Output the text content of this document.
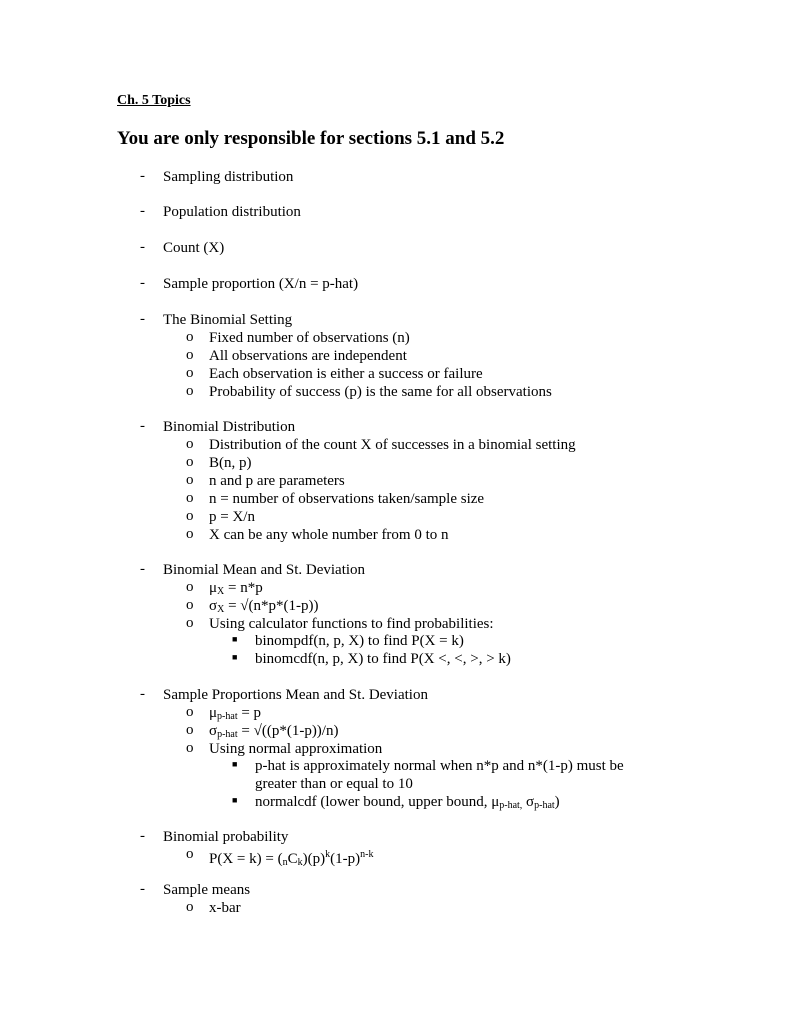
Ch. 5 Topics
You are only responsible for sections 5.1 and 5.2
- Sampling distribution
- Population distribution
- Count (X)
- Sample proportion (X/n = p-hat)
- The Binomial Setting
o Fixed number of observations (n)
o All observations are independent
o Each observation is either a success or failure
o Probability of success (p) is the same for all observations
- Binomial Distribution
o Distribution of the count X of successes in a binomial setting
o B(n, p)
o n and p are parameters
o n = number of observations taken/sample size
o p = X/n
o X can be any whole number from 0 to n
- Binomial Mean and St. Deviation
o $\mu_X = n*p$
o $\sigma_X = √(n*p*(1-p))$
o Using calculator functions to find probabilities:
■ binompdf(n, p, X) to find P(X = k)
■ binomcdf(n, p, X) to find P(X <, <, >, > k)
- Sample Proportions Mean and St. Deviation
o $\mu_{p-hat} = p$
o $\sigma_{p-hat} = √((p*(1-p))/n)$
o Using normal approximation
■ p-hat is approximately normal when n*p and n*(1-p) must be
greater than or equal to 10
■ normalcdf (lower bound, upper bound, $\mu_{p-hat,}$ $\sigma_{p-hat}$)
- Binomial probability
o $P(X = k) = (_nC_k)(p)^k(1-p)^{n-k}$
- Sample means
o x-bar
